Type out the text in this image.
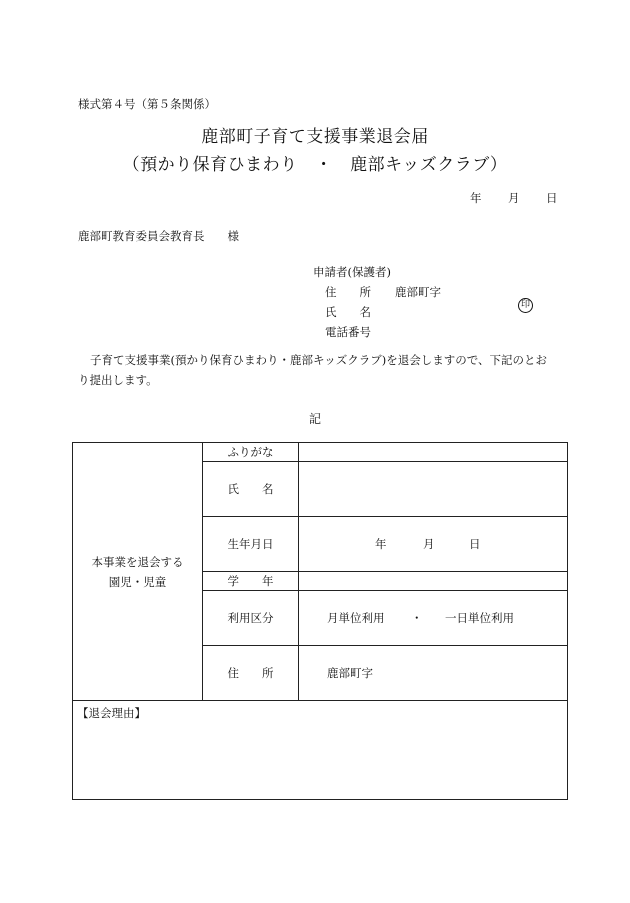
様式第４号（第５条関係）
鹿部町子育て支援事業退会届
（預かり保育ひまわり　・　鹿部キッズクラブ）
年 月 日
鹿部町教育委員会教育長　　様
申請者(保護者)
住　　所	鹿部町字
氏　　名
電話番号
印
子育て支援事業(預かり保育ひまわり・鹿部キッズクラブ)を退会しますので、下記のとおり提出します。
記
本事業を退会する
園児・児童	ふりがな	
	氏　　名	
	生年月日	年 月 日
	学　　年	
	利用区分	月単位利用 ・ 一日単位利用
	住　　所	鹿部町字
【退会理由】		
